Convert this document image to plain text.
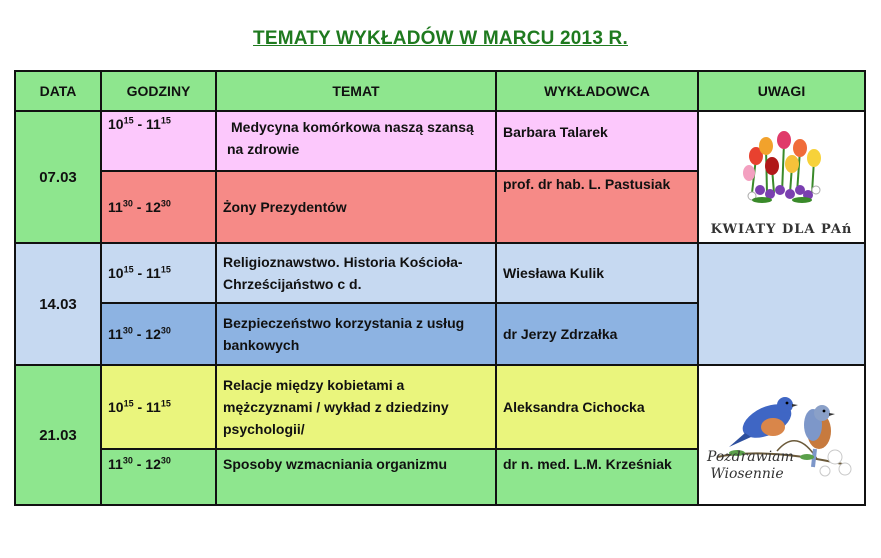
TEMATY WYKŁADÓW W MARCU 2013 R.
DATA	GODZINY	TEMAT	WYKŁADOWCA	UWAGI
07.03	$10^{15} - 11^{15}$	Medycyna komórkowa naszą szansą na zdrowie	Barbara Talarek	KWIATY DLA PAń

	$11^{30} - 12^{30}$	Żony Prezydentów	prof. dr hab. L. Pastusiak	
14.03	$10^{15} - 11^{15}$	Religioznawstwo. Historia Kościoła- Chrześcijaństwo c d.	Wiesława Kulik	
	$11^{30} - 12^{30}$	Bezpieczeństwo korzystania z usług bankowych	dr Jerzy Zdrzałka	
21.03	$10^{15} - 11^{15}$	Relacje między kobietami a mężczyznami / wykład z dziedziny psychologii/	Aleksandra Cichocka	Pozdrawiam Wiosennie

	$11^{30} - 12^{30}$	Sposoby wzmacniania organizmu	dr n. med. L.M. Krześniak	
